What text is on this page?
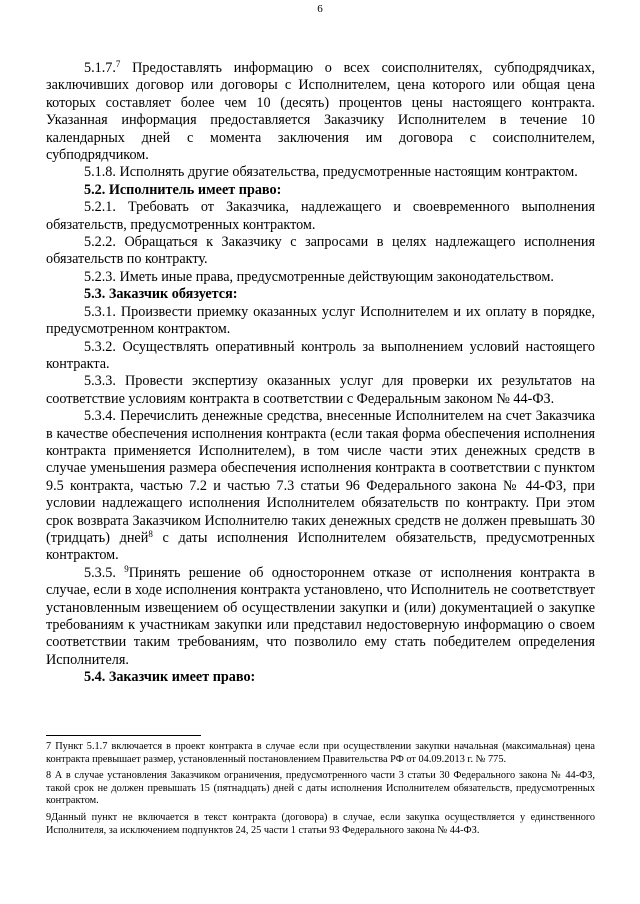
6

5.1.7.$^7$ Предоставлять информацию о всех соисполнителях, субподрядчиках, заключивших договор или договоры с Исполнителем, цена которого или общая цена которых составляет более чем 10 (десять) процентов цены настоящего контракта. Указанная информация предоставляется Заказчику Исполнителем в течение 10 календарных дней с момента заключения им договора с соисполнителем, субподрядчиком.

5.1.8. Исполнять другие обязательства, предусмотренные настоящим контрактом.

5.2. Исполнитель имеет право:

5.2.1. Требовать от Заказчика, надлежащего и своевременного выполнения обязательств, предусмотренных контрактом.

5.2.2. Обращаться к Заказчику с запросами в целях надлежащего исполнения обязательств по контракту.

5.2.3. Иметь иные права, предусмотренные действующим законодательством.

5.3. Заказчик обязуется:

5.3.1. Произвести приемку оказанных услуг Исполнителем и их оплату в порядке, предусмотренном контрактом.

5.3.2. Осуществлять оперативный контроль за выполнением условий настоящего контракта.

5.3.3. Провести экспертизу оказанных услуг для проверки их результатов на соответствие условиям контракта в соответствии с Федеральным законом № 44-ФЗ.

5.3.4. Перечислить денежные средства, внесенные Исполнителем на счет Заказчика в качестве обеспечения исполнения контракта (если такая форма обеспечения исполнения контракта применяется Исполнителем), в том числе части этих денежных средств в случае уменьшения размера обеспечения исполнения контракта в соответствии с пунктом 9.5 контракта, частью 7.2 и частью 7.3 статьи 96 Федерального закона № 44-ФЗ, при условии надлежащего исполнения Исполнителем обязательств по контракту. При этом срок возврата Заказчиком Исполнителю таких денежных средств не должен превышать 30 (тридцать) дней$^8$ с даты исполнения Исполнителем обязательств, предусмотренных контрактом.

5.3.5. $^9$Принять решение об одностороннем отказе от исполнения контракта в случае, если в ходе исполнения контракта установлено, что Исполнитель не соответствует установленным извещением об осуществлении закупки и (или) документацией о закупке требованиям к участникам закупки или представил недостоверную информацию о своем соответствии таким требованиям, что позволило ему стать победителем определения Исполнителя.

5.4. Заказчик имеет право:

7 Пункт 5.1.7 включается в проект контракта в случае если при осуществлении закупки начальная (максимальная) цена контракта превышает размер, установленный постановлением Правительства РФ от 04.09.2013 г. № 775.

8 А в случае установления Заказчиком ограничения, предусмотренного части 3 статьи 30 Федерального закона № 44-ФЗ, такой срок не должен превышать 15 (пятнадцать) дней с даты исполнения Исполнителем обязательств, предусмотренных контрактом.

9Данный пункт не включается в текст контракта (договора) в случае, если закупка осуществляется у единственного Исполнителя, за исключением подпунктов 24, 25 части 1 статьи 93 Федерального закона № 44-ФЗ.
